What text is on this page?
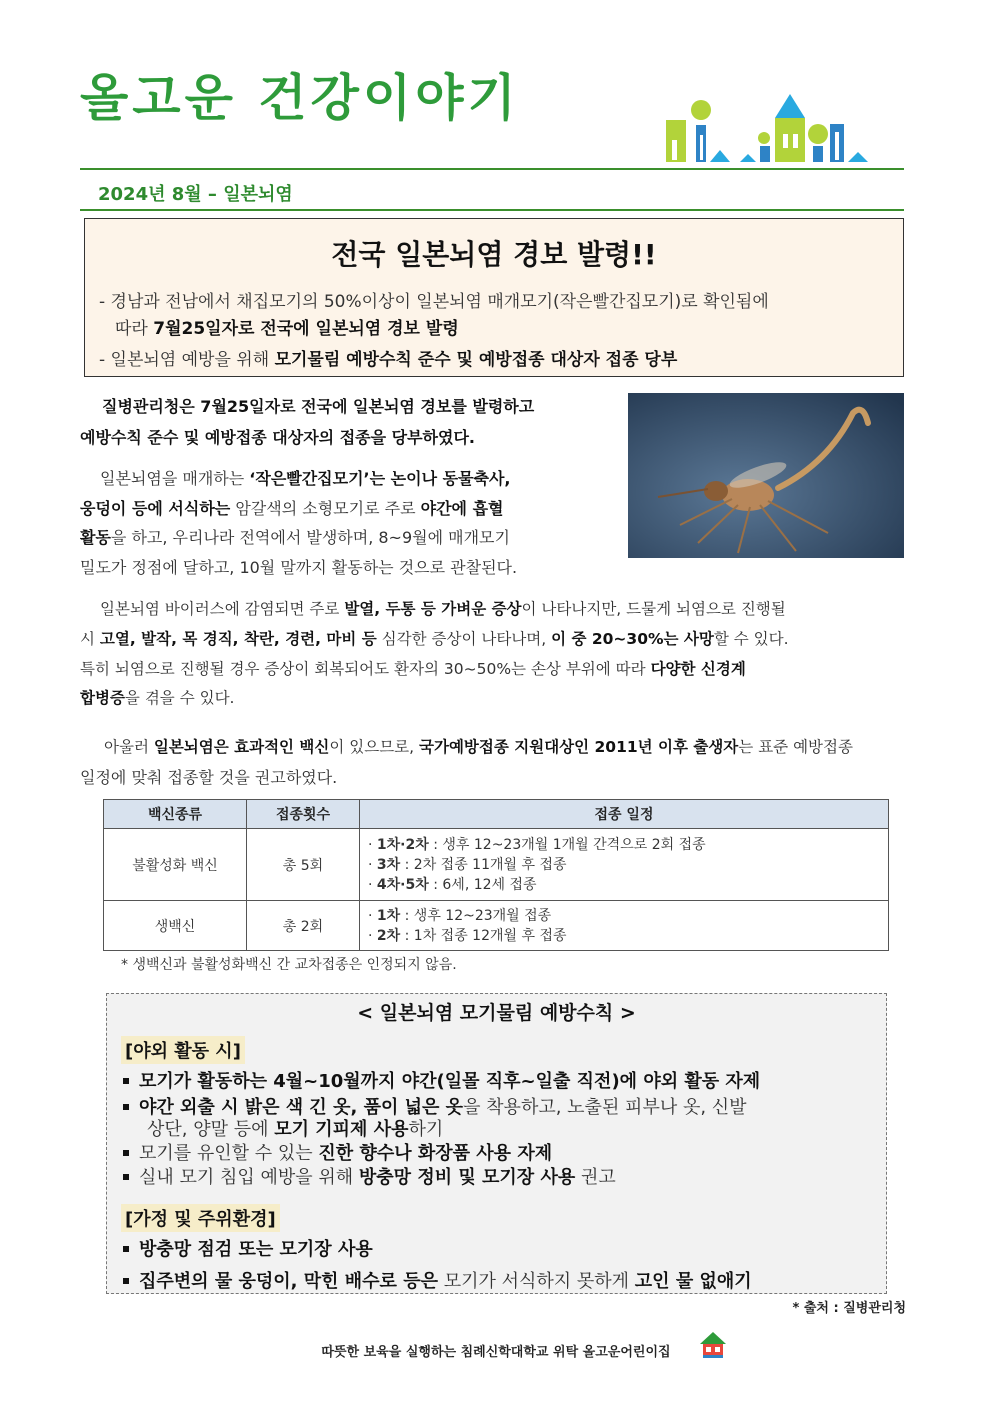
올고운 건강이야기
2024년 8월 – 일본뇌염
전국 일본뇌염 경보 발령!!
- 경남과 전남에서 채집모기의 50%이상이 일본뇌염 매개모기(작은빨간집모기)로 확인됨에
따라 7월25일자로 전국에 일본뇌염 경보 발령
- 일본뇌염 예방을 위해 모기물림 예방수칙 준수 및 예방접종 대상자 접종 당부
질병관리청은 7월25일자로 전국에 일본뇌염 경보를 발령하고
예방수칙 준수 및 예방접종 대상자의 접종을 당부하였다.
일본뇌염을 매개하는 ‘작은빨간집모기’는 논이나 동물축사,
웅덩이 등에 서식하는 암갈색의 소형모기로 주로 야간에 흡혈
활동을 하고, 우리나라 전역에서 발생하며, 8~9월에 매개모기
밀도가 정점에 달하고, 10월 말까지 활동하는 것으로 관찰된다.
일본뇌염 바이러스에 감염되면 주로 발열, 두통 등 가벼운 증상이 나타나지만, 드물게 뇌염으로 진행될
시 고열, 발작, 목 경직, 착란, 경련, 마비 등 심각한 증상이 나타나며, 이 중 20~30%는 사망할 수 있다.
특히 뇌염으로 진행될 경우 증상이 회복되어도 환자의 30~50%는 손상 부위에 따라 다양한 신경계
합병증을 겪을 수 있다.
아울러 일본뇌염은 효과적인 백신이 있으므로, 국가예방접종 지원대상인 2011년 이후 출생자는 표준 예방접종
일정에 맞춰 접종할 것을 권고하였다.
백신종류	접종횟수	접종 일정
불활성화 백신	총 5회	· 1차·2차 : 생후 12~23개월 1개월 간격으로 2회 접종
· 3차 : 2차 접종 11개월 후 접종
· 4차·5차 : 6세, 12세 접종

생백신	총 2회	· 1차 : 생후 12~23개월 접종
· 2차 : 1차 접종 12개월 후 접종
* 생백신과 불활성화백신 간 교차접종은 인정되지 않음.
< 일본뇌염 모기물림 예방수칙 >
[야외 활동 시]
모기가 활동하는 4월~10월까지 야간(일몰 직후~일출 직전)에 야외 활동 자제
야간 외출 시 밝은 색 긴 옷, 품이 넓은 옷을 착용하고, 노출된 피부나 옷, 신발
상단, 양말 등에 모기 기피제 사용하기
모기를 유인할 수 있는 진한 향수나 화장품 사용 자제
실내 모기 침입 예방을 위해 방충망 정비 및 모기장 사용 권고
[가정 및 주위환경]
방충망 점검 또는 모기장 사용
집주변의 물 웅덩이, 막힌 배수로 등은 모기가 서식하지 못하게 고인 물 없애기
* 출처 : 질병관리청
따뜻한 보육을 실행하는 침례신학대학교 위탁 올고운어린이집
